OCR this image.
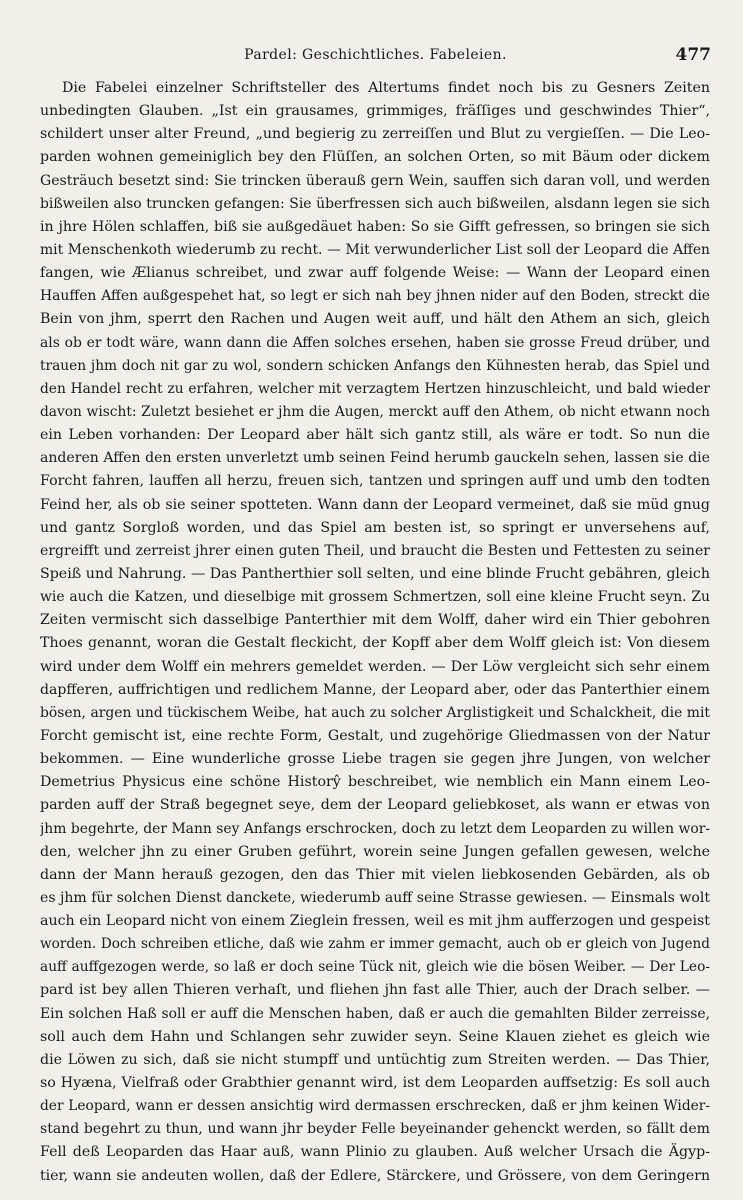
Pardel: Geschichtliches. Fabeleien.	477
Die Fabelei einzelner Schriftsteller des Altertums findet noch bis zu Gesners Zeiten
unbedingten Glauben. „Ist ein grausames, grimmiges, fräſſiges und geschwindes Thier“,
schildert unser alter Freund, „und begierig zu zerreiſſen und Blut zu vergieſſen. — Die Leo-
parden wohnen gemeiniglich bey den Flüſſen, an solchen Orten, so mit Bäum oder dickem
Gesträuch besetzt sind: Sie trincken überauß gern Wein, sauffen sich daran voll, und werden
bißweilen also truncken gefangen: Sie überfressen sich auch bißweilen, alsdann legen sie sich
in jhre Hölen schlaffen, biß sie außgedäuet haben: So sie Gifft gefressen, so bringen sie sich
mit Menschenkoth wiederumb zu recht. — Mit verwunderlicher List soll der Leopard die Affen
fangen, wie Ælianus schreibet, und zwar auff folgende Weise: — Wann der Leopard einen
Hauffen Affen außgespehet hat, so legt er sich nah bey jhnen nider auf den Boden, streckt die
Bein von jhm, sperrt den Rachen und Augen weit auff, und hält den Athem an sich, gleich
als ob er todt wäre, wann dann die Affen solches ersehen, haben sie grosse Freud drüber, und
trauen jhm doch nit gar zu wol, sondern schicken Anfangs den Kühnesten herab, das Spiel und
den Handel recht zu erfahren, welcher mit verzagtem Hertzen hinzuschleicht, und bald wieder
davon wischt: Zuletzt besiehet er jhm die Augen, merckt auff den Athem, ob nicht etwann noch
ein Leben vorhanden: Der Leopard aber hält sich gantz still, als wäre er todt. So nun die
anderen Affen den ersten unverletzt umb seinen Feind herumb gauckeln sehen, lassen sie die
Forcht fahren, lauffen all herzu, freuen sich, tantzen und springen auff und umb den todten
Feind her, als ob sie seiner spotteten. Wann dann der Leopard vermeinet, daß sie müd gnug
und gantz Sorgloß worden, und das Spiel am besten ist, so springt er unversehens auf,
ergreifft und zerreist jhrer einen guten Theil, und braucht die Besten und Fettesten zu seiner
Speiß und Nahrung. — Das Pantherthier soll selten, und eine blinde Frucht gebähren, gleich
wie auch die Katzen, und dieselbige mit grossem Schmertzen, soll eine kleine Frucht seyn. Zu
Zeiten vermischt sich dasselbige Panterthier mit dem Wolff, daher wird ein Thier gebohren
Thoes genannt, woran die Gestalt fleckicht, der Kopff aber dem Wolff gleich ist: Von diesem
wird under dem Wolff ein mehrers gemeldet werden. — Der Löw vergleicht sich sehr einem
dapfferen, auffrichtigen und redlichem Manne, der Leopard aber, oder das Panterthier einem
bösen, argen und tückischem Weibe, hat auch zu solcher Arglistigkeit und Schalckheit, die mit
Forcht gemischt ist, eine rechte Form, Gestalt, und zugehörige Gliedmassen von der Natur
bekommen. — Eine wunderliche grosse Liebe tragen sie gegen jhre Jungen, von welcher
Demetrius Physicus eine schöne Historŷ beschreibet, wie nemblich ein Mann einem Leo-
parden auff der Straß begegnet seye, dem der Leopard geliebkoset, als wann er etwas von
jhm begehrte, der Mann sey Anfangs erschrocken, doch zu letzt dem Leoparden zu willen wor-
den, welcher jhn zu einer Gruben geführt, worein seine Jungen gefallen gewesen, welche
dann der Mann herauß gezogen, den das Thier mit vielen liebkosenden Gebärden, als ob
es jhm für solchen Dienst danckete, wiederumb auff seine Strasse gewiesen. — Einsmals wolt
auch ein Leopard nicht von einem Zieglein fressen, weil es mit jhm aufferzogen und gespeist
worden. Doch schreiben etliche, daß wie zahm er immer gemacht, auch ob er gleich von Jugend
auff auffgezogen werde, so laß er doch seine Tück nit, gleich wie die bösen Weiber. — Der Leo-
pard ist bey allen Thieren verhaſt, und fliehen jhn fast alle Thier, auch der Drach selber. —
Ein solchen Haß soll er auff die Menschen haben, daß er auch die gemahlten Bilder zerreisse,
soll auch dem Hahn und Schlangen sehr zuwider seyn. Seine Klauen ziehet es gleich wie
die Löwen zu sich, daß sie nicht stumpff und untüchtig zum Streiten werden. — Das Thier,
so Hyæna, Vielfraß oder Grabthier genannt wird, ist dem Leoparden auffsetzig: Es soll auch
der Leopard, wann er dessen ansichtig wird dermassen erschrecken, daß er jhm keinen Wider-
stand begehrt zu thun, und wann jhr beyder Felle beyeinander gehenckt werden, so fällt dem
Fell deß Leoparden das Haar auß, wann Plinio zu glauben. Auß welcher Ursach die Ägyp-
tier, wann sie andeuten wollen, daß der Edlere, Stärckere, und Grössere, von dem Geringern
